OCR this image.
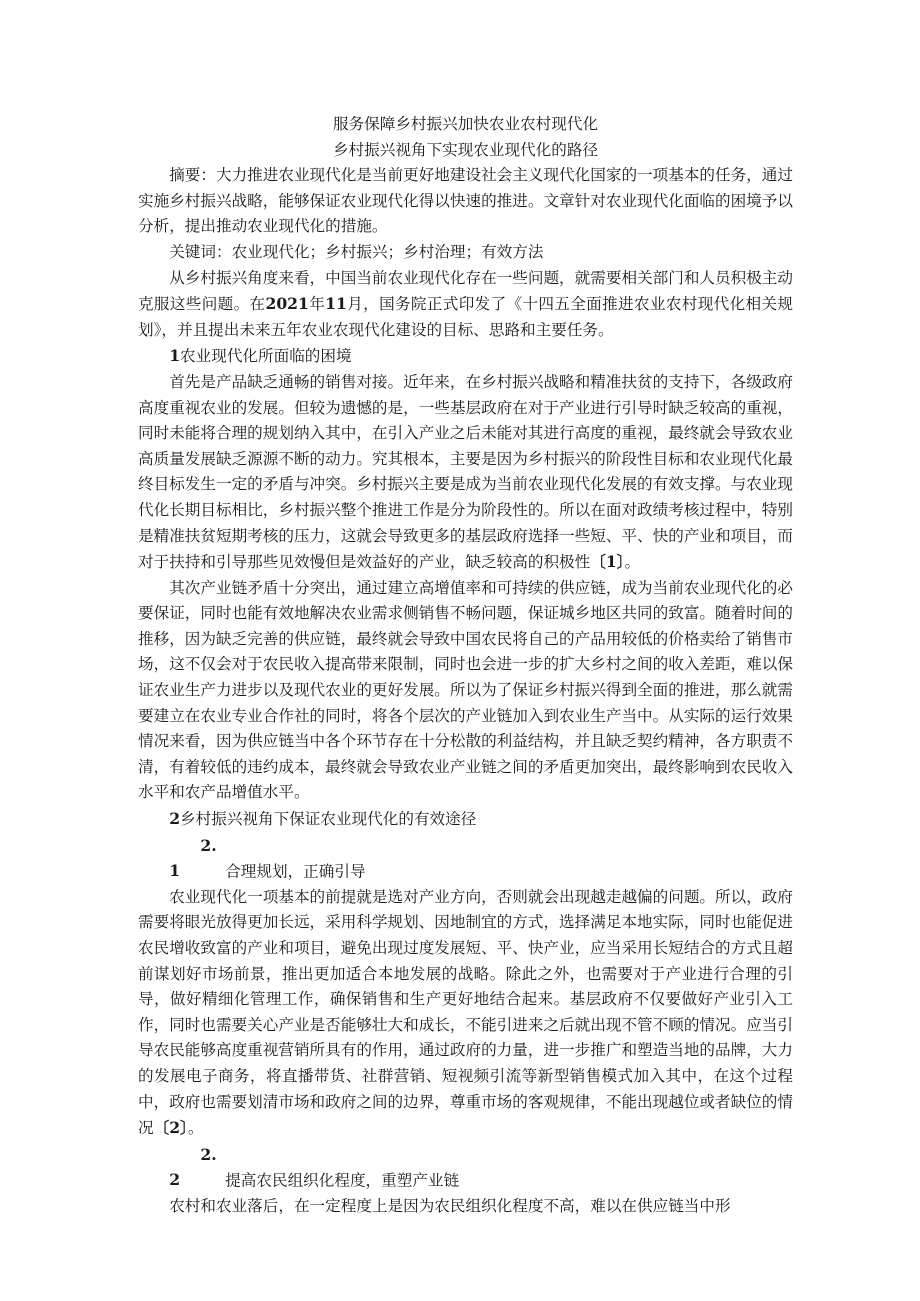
服务保障乡村振兴加快农业农村现代化
乡村振兴视角下实现农业现代化的路径

摘要：大力推进农业现代化是当前更好地建设社会主义现代化国家的一项基本的任务，通过实施乡村振兴战略，能够保证农业现代化得以快速的推进。文章针对农业现代化面临的困境予以分析，提出推动农业现代化的措施。

关键词：农业现代化；乡村振兴；乡村治理；有效方法

从乡村振兴角度来看，中国当前农业现代化存在一些问题，就需要相关部门和人员积极主动克服这些问题。在2021年11月，国务院正式印发了《十四五全面推进农业农村现代化相关规划》，并且提出未来五年农业农现代化建设的目标、思路和主要任务。

1农业现代化所面临的困境

首先是产品缺乏通畅的销售对接。近年来，在乡村振兴战略和精准扶贫的支持下，各级政府高度重视农业的发展。但较为遗憾的是，一些基层政府在对于产业进行引导时缺乏较高的重视，同时未能将合理的规划纳入其中，在引入产业之后未能对其进行高度的重视，最终就会导致农业高质量发展缺乏源源不断的动力。究其根本，主要是因为乡村振兴的阶段性目标和农业现代化最终目标发生一定的矛盾与冲突。乡村振兴主要是成为当前农业现代化发展的有效支撑。与农业现代化长期目标相比，乡村振兴整个推进工作是分为阶段性的。所以在面对政绩考核过程中，特别是精准扶贫短期考核的压力，这就会导致更多的基层政府选择一些短、平、快的产业和项目，而对于扶持和引导那些见效慢但是效益好的产业，缺乏较高的积极性〔1〕。

其次产业链矛盾十分突出，通过建立高增值率和可持续的供应链，成为当前农业现代化的必要保证，同时也能有效地解决农业需求侧销售不畅问题，保证城乡地区共同的致富。随着时间的推移，因为缺乏完善的供应链，最终就会导致中国农民将自己的产品用较低的价格卖给了销售市场，这不仅会对于农民收入提高带来限制，同时也会进一步的扩大乡村之间的收入差距，难以保证农业生产力进步以及现代农业的更好发展。所以为了保证乡村振兴得到全面的推进，那么就需要建立在农业专业合作社的同时，将各个层次的产业链加入到农业生产当中。从实际的运行效果情况来看，因为供应链当中各个环节存在十分松散的利益结构，并且缺乏契约精神，各方职责不清，有着较低的违约成本，最终就会导致农业产业链之间的矛盾更加突出，最终影响到农民收入水平和农产品增值水平。

2乡村振兴视角下保证农业现代化的有效途径

2.1	合理规划，正确引导

农业现代化一项基本的前提就是选对产业方向，否则就会出现越走越偏的问题。所以，政府需要将眼光放得更加长远，采用科学规划、因地制宜的方式，选择满足本地实际，同时也能促进农民增收致富的产业和项目，避免出现过度发展短、平、快产业，应当采用长短结合的方式且超前谋划好市场前景，推出更加适合本地发展的战略。除此之外，也需要对于产业进行合理的引导，做好精细化管理工作，确保销售和生产更好地结合起来。基层政府不仅要做好产业引入工作，同时也需要关心产业是否能够壮大和成长，不能引进来之后就出现不管不顾的情况。应当引导农民能够高度重视营销所具有的作用，通过政府的力量，进一步推广和塑造当地的品牌，大力的发展电子商务，将直播带货、社群营销、短视频引流等新型销售模式加入其中，在这个过程中，政府也需要划清市场和政府之间的边界，尊重市场的客观规律，不能出现越位或者缺位的情况〔2〕。

2.2	提高农民组织化程度，重塑产业链

农村和农业落后，在一定程度上是因为农民组织化程度不高，难以在供应链当中形
